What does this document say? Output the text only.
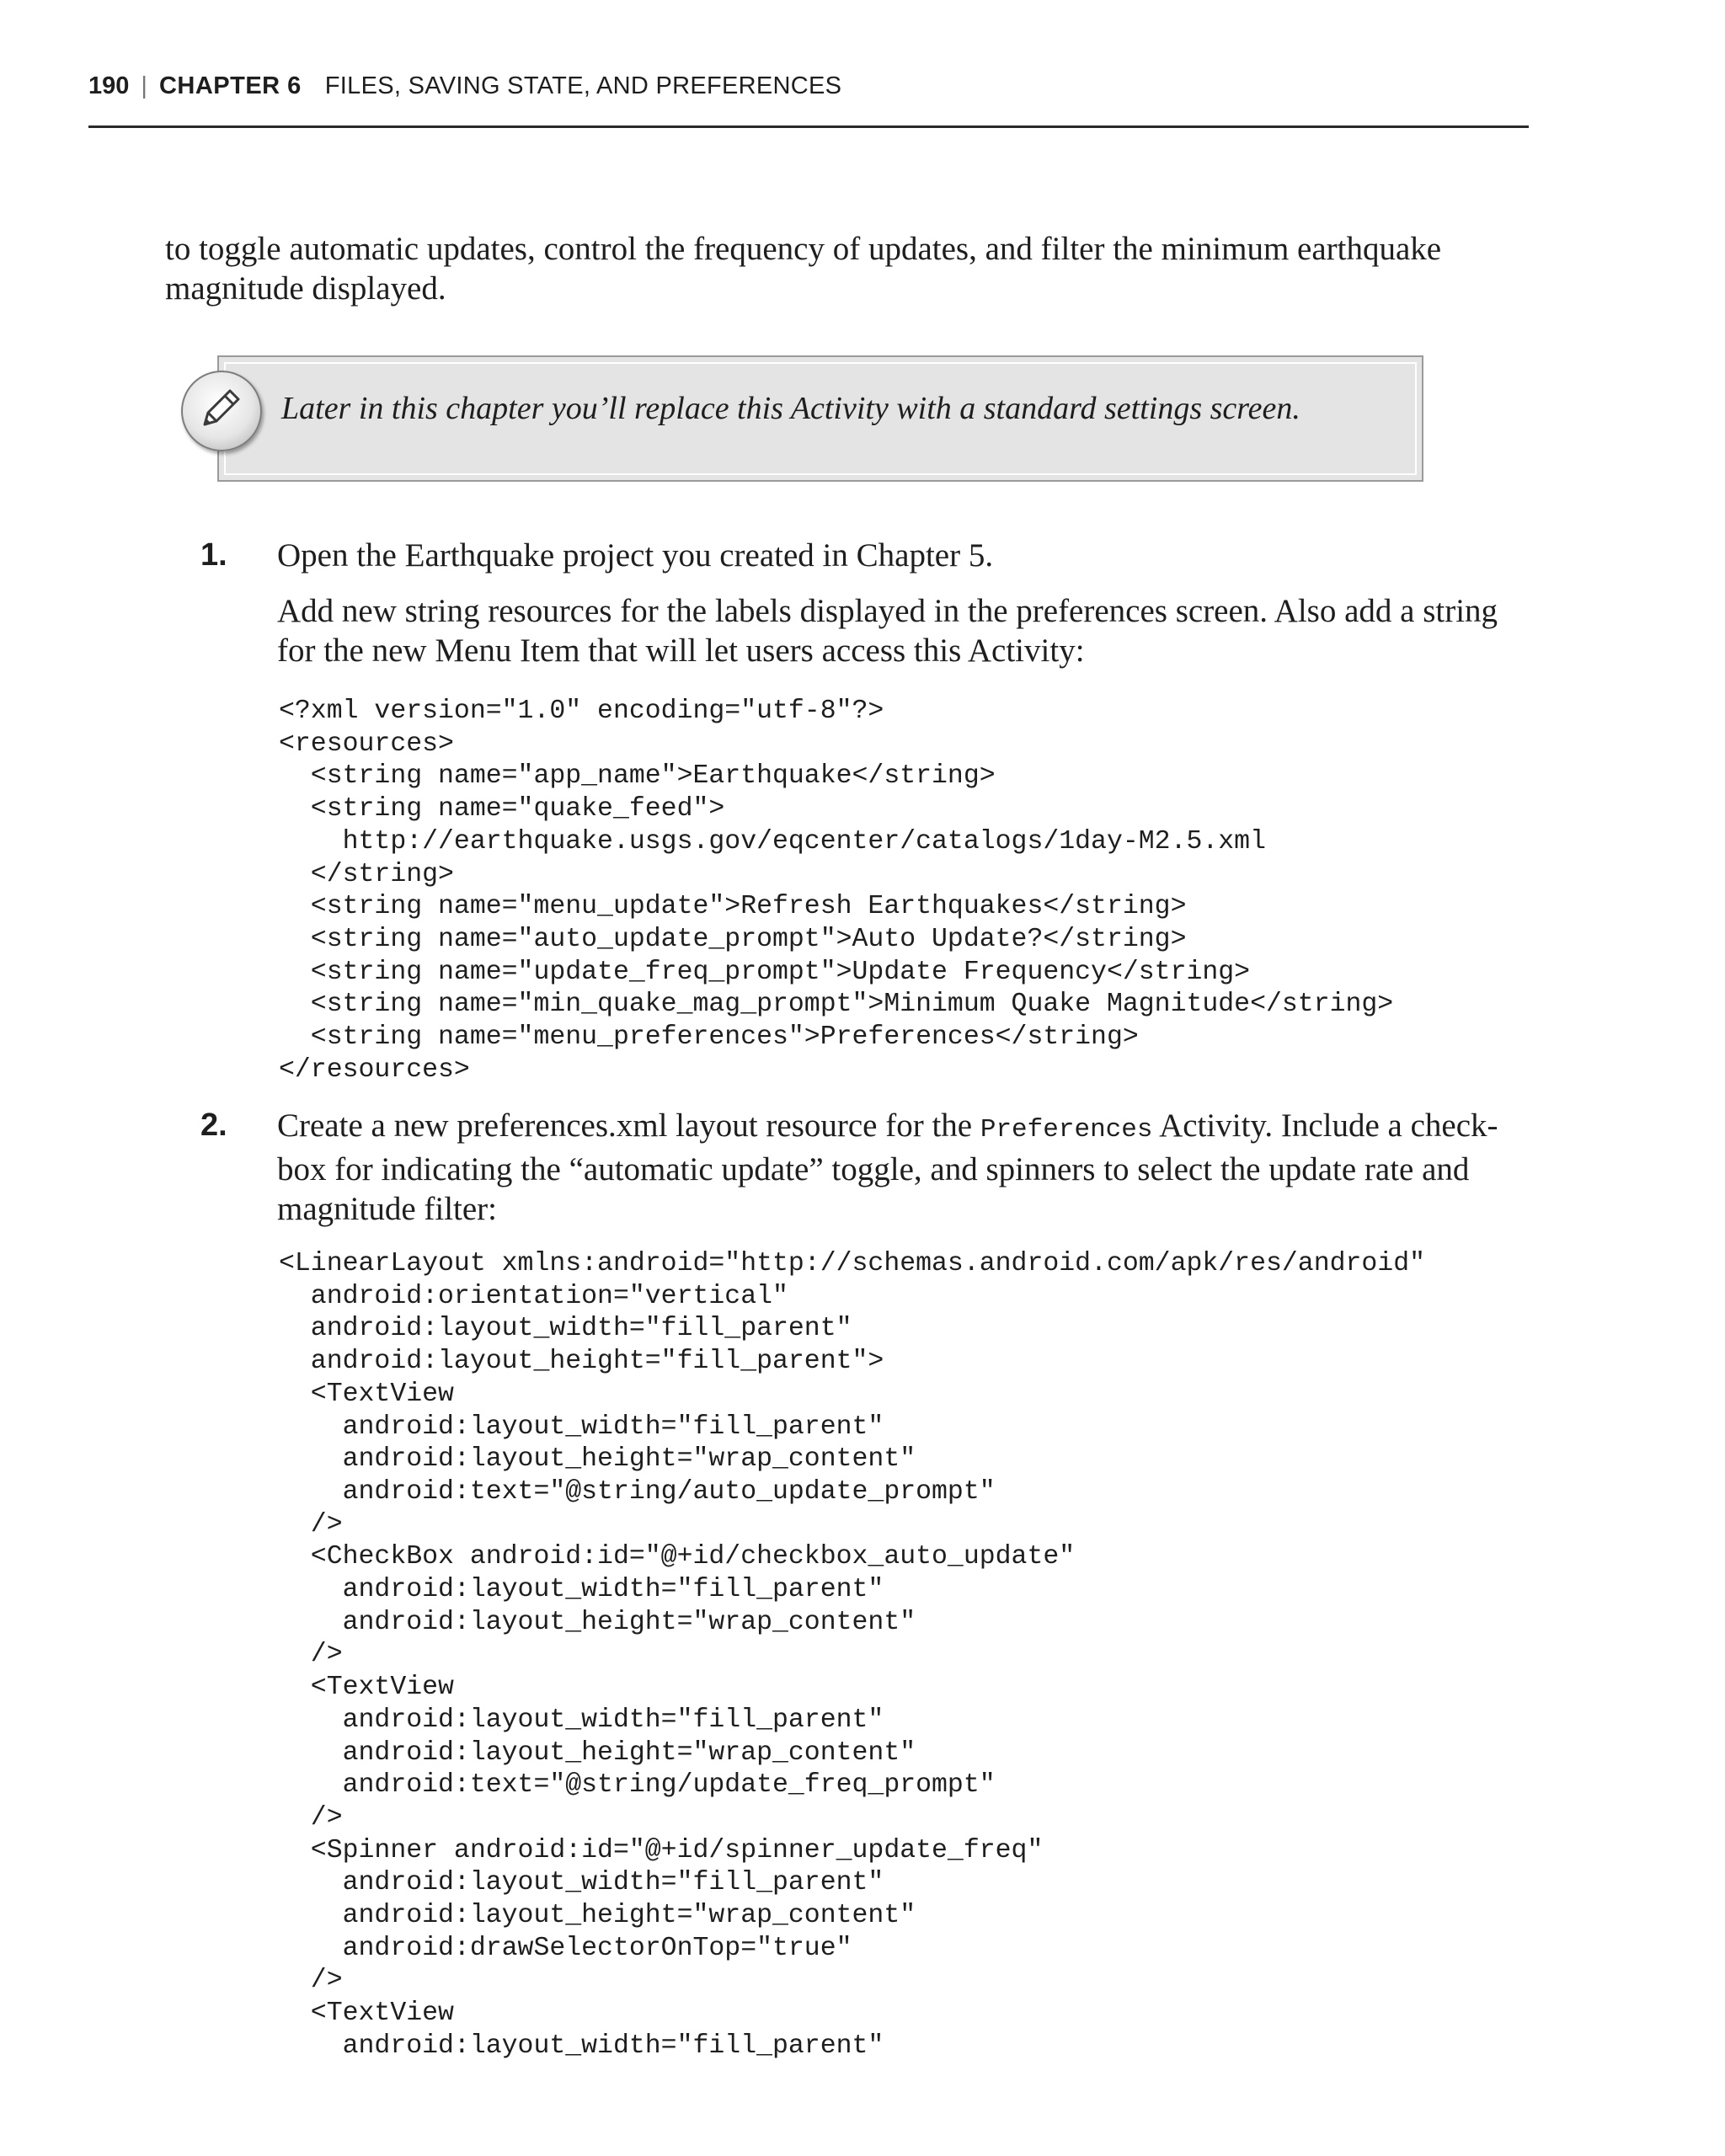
190 | CHAPTER 6 FILES, SAVING STATE, AND PREFERENCES

to toggle automatic updates, control the frequency of updates, and filter the minimum earthquake
magnitude displayed.

Later in this chapter you’ll replace this Activity with a standard settings screen.
1. Open the Earthquake project you created in Chapter 5.

Add new string resources for the labels displayed in the preferences screen. Also add a string
for the new Menu Item that will let users access this Activity:

<?xml version="1.0" encoding="utf-8"?>
<resources>
<string name="app_name">Earthquake</string>
<string name="quake_feed">
http://earthquake.usgs.gov/eqcenter/catalogs/1day-M2.5.xml
</string>
<string name="menu_update">Refresh Earthquakes</string>
<string name="auto_update_prompt">Auto Update?</string>
<string name="update_freq_prompt">Update Frequency</string>
<string name="min_quake_mag_prompt">Minimum Quake Magnitude</string>
<string name="menu_preferences">Preferences</string>
</resources>
2. Create a new preferences.xml layout resource for the Preferences Activity. Include a check-
box for indicating the “automatic update” toggle, and spinners to select the update rate and
magnitude filter:

<LinearLayout xmlns:android="http://schemas.android.com/apk/res/android"
android:orientation="vertical"
android:layout_width="fill_parent"
android:layout_height="fill_parent">
<TextView
android:layout_width="fill_parent"
android:layout_height="wrap_content"
android:text="@string/auto_update_prompt"
/>
<CheckBox android:id="@+id/checkbox_auto_update"
android:layout_width="fill_parent"
android:layout_height="wrap_content"
/>
<TextView
android:layout_width="fill_parent"
android:layout_height="wrap_content"
android:text="@string/update_freq_prompt"
/>
<Spinner android:id="@+id/spinner_update_freq"
android:layout_width="fill_parent"
android:layout_height="wrap_content"
android:drawSelectorOnTop="true"
/>
<TextView
android:layout_width="fill_parent"
